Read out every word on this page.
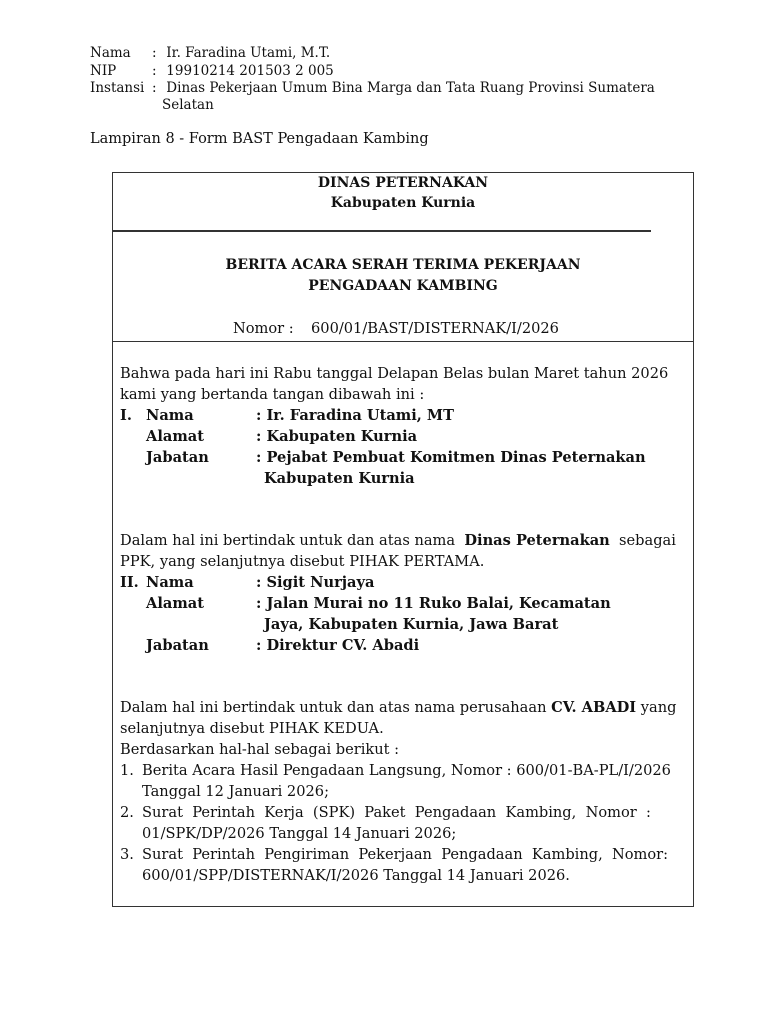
Nama : Ir. Faradina Utami, M.T.
NIP	: 19910214 201503 2 005
Instansi : Dinas Pekerjaan Umum Bina Marga dan Tata Ruang Provinsi Sumatera
Selatan
Lampiran 8 - Form BAST Pengadaan Kambing
DINAS PETERNAKAN
Kabupaten Kurnia
BERITA ACARA SERAH TERIMA PEKERJAAN
PENGADAAN KAMBING
Nomor : 600/01/BAST/DISTERNAK/I/2026
Bahwa pada hari ini Rabu tanggal Delapan Belas bulan Maret tahun 2026
kami yang bertanda tangan dibawah ini :
I. Nama	: Ir. Faradina Utami, MT
Alamat	: Kabupaten Kurnia
Jabatan	: Pejabat Pembuat Komitmen Dinas Peternakan
Kabupaten Kurnia
Dalam hal ini bertindak untuk dan atas nama Dinas Peternakan sebagai
PPK, yang selanjutnya disebut PIHAK PERTAMA.
II. Nama	: Sigit Nurjaya
Alamat	: Jalan Murai no 11 Ruko Balai, Kecamatan
Jaya, Kabupaten Kurnia, Jawa Barat
Jabatan	: Direktur CV. Abadi
Dalam hal ini bertindak untuk dan atas nama perusahaan CV. ABADI yang
selanjutnya disebut PIHAK KEDUA.
Berdasarkan hal-hal sebagai berikut :
1. Berita Acara Hasil Pengadaan Langsung, Nomor : 600/01-BA-PL/I/2026
Tanggal 12 Januari 2026;
2. Surat  Perintah  Kerja  (SPK)  Paket  Pengadaan  Kambing,  Nomor  :
01/SPK/DP/2026 Tanggal 14 Januari 2026;
3. Surat  Perintah  Pengiriman  Pekerjaan  Pengadaan  Kambing,  Nomor:
600/01/SPP/DISTERNAK/I/2026 Tanggal 14 Januari 2026.
